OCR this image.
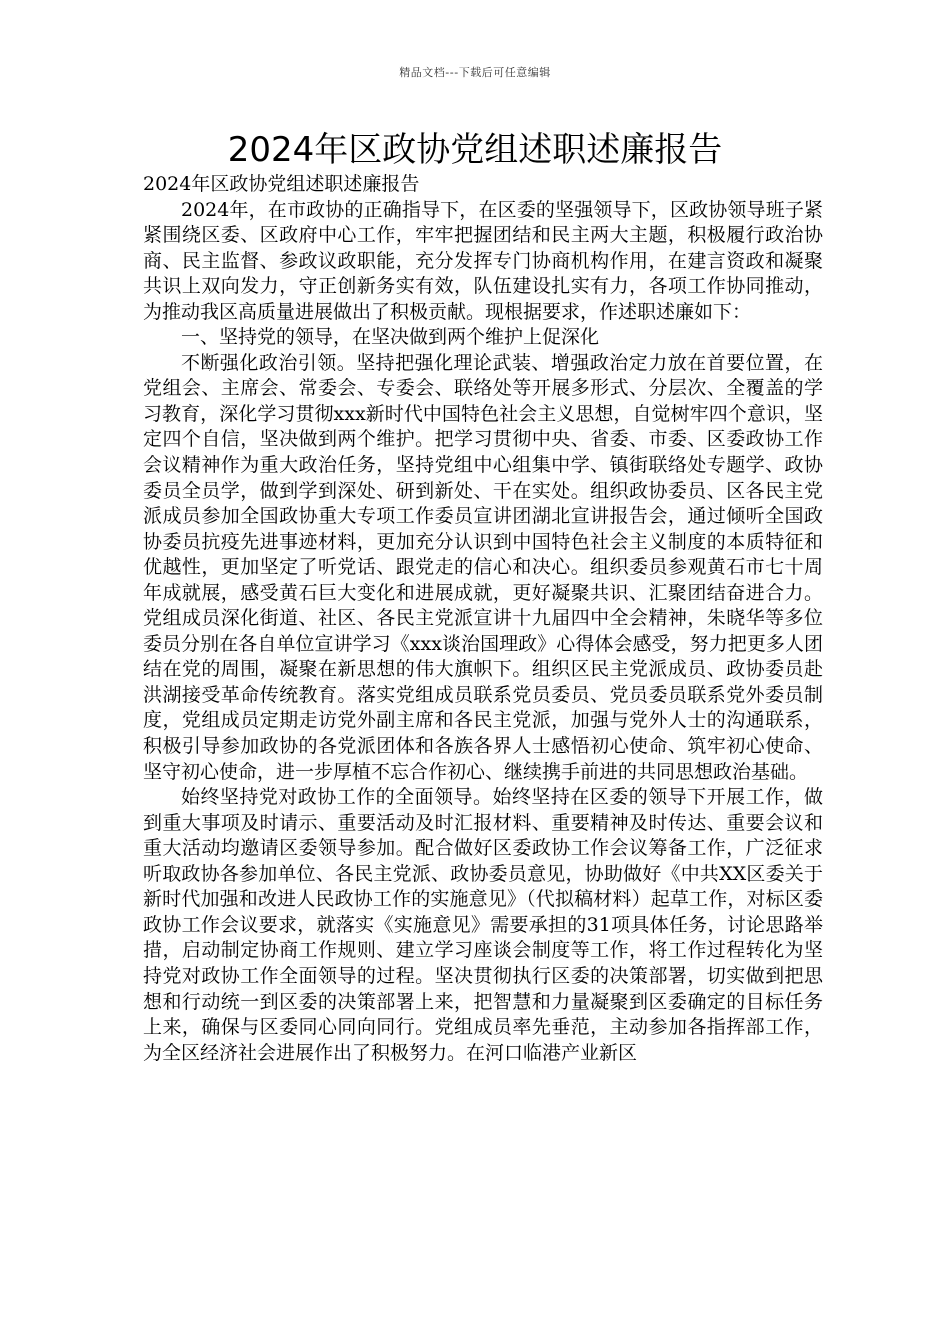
精品文档---下载后可任意编辑
2024年区政协党组述职述廉报告

2024年区政协党组述职述廉报告

2024年，在市政协的正确指导下，在区委的坚强领导下，区政协领导班子紧紧围绕区委、区政府中心工作，牢牢把握团结和民主两大主题，积极履行政治协商、民主监督、参政议政职能，充分发挥专门协商机构作用，在建言资政和凝聚共识上双向发力，守正创新务实有效，队伍建设扎实有力，各项工作协同推动，为推动我区高质量进展做出了积极贡献。现根据要求，作述职述廉如下：

一、坚持党的领导，在坚决做到两个维护上促深化

不断强化政治引领。坚持把强化理论武装、增强政治定力放在首要位置，在党组会、主席会、常委会、专委会、联络处等开展多形式、分层次、全覆盖的学习教育，深化学习贯彻xxx新时代中国特色社会主义思想，自觉树牢四个意识，坚定四个自信，坚决做到两个维护。把学习贯彻中央、省委、市委、区委政协工作会议精神作为重大政治任务，坚持党组中心组集中学、镇街联络处专题学、政协委员全员学，做到学到深处、研到新处、干在实处。组织政协委员、区各民主党派成员参加全国政协重大专项工作委员宣讲团湖北宣讲报告会，通过倾听全国政协委员抗疫先进事迹材料，更加充分认识到中国特色社会主义制度的本质特征和优越性，更加坚定了听党话、跟党走的信心和决心。组织委员参观黄石市七十周年成就展，感受黄石巨大变化和进展成就，更好凝聚共识、汇聚团结奋进合力。党组成员深化街道、社区、各民主党派宣讲十九届四中全会精神，朱晓华等多位委员分别在各自单位宣讲学习《xxx谈治国理政》心得体会感受，努力把更多人团结在党的周围，凝聚在新思想的伟大旗帜下。组织区民主党派成员、政协委员赴洪湖接受革命传统教育。落实党组成员联系党员委员、党员委员联系党外委员制度，党组成员定期走访党外副主席和各民主党派，加强与党外人士的沟通联系，积极引导参加政协的各党派团体和各族各界人士感悟初心使命、筑牢初心使命、坚守初心使命，进一步厚植不忘合作初心、继续携手前进的共同思想政治基础。

始终坚持党对政协工作的全面领导。始终坚持在区委的领导下开展工作，做到重大事项及时请示、重要活动及时汇报材料、重要精神及时传达、重要会议和重大活动均邀请区委领导参加。配合做好区委政协工作会议筹备工作，广泛征求听取政协各参加单位、各民主党派、政协委员意见，协助做好《中共XX区委关于新时代加强和改进人民政协工作的实施意见》（代拟稿材料）起草工作，对标区委政协工作会议要求，就落实《实施意见》需要承担的31项具体任务，讨论思路举措，启动制定协商工作规则、建立学习座谈会制度等工作，将工作过程转化为坚持党对政协工作全面领导的过程。坚决贯彻执行区委的决策部署，切实做到把思想和行动统一到区委的决策部署上来，把智慧和力量凝聚到区委确定的目标任务上来，确保与区委同心同向同行。党组成员率先垂范，主动参加各指挥部工作，为全区经济社会进展作出了积极努力。在河口临港产业新区
